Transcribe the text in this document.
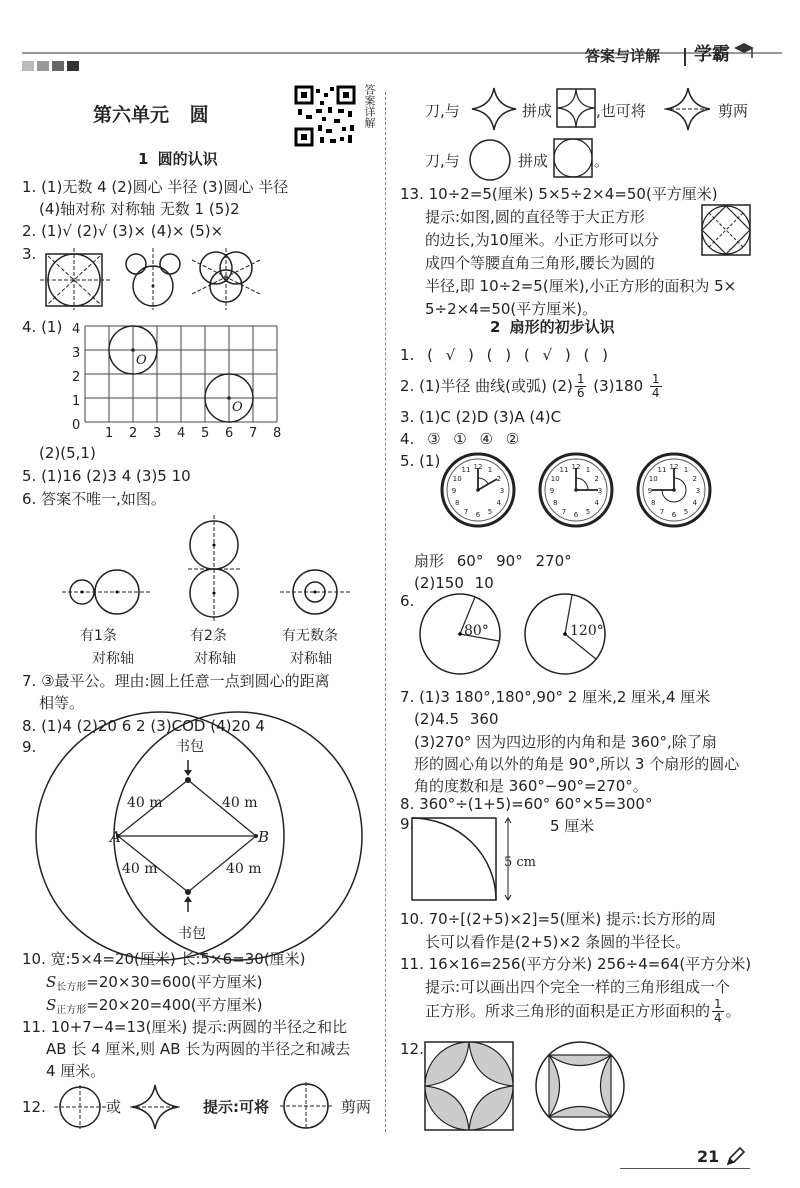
答案与详解 学霸
第六单元 圆	答案详解
1 圆的认识
1. (1)无数 4 (2)圆心 半径 (3)圆心 半径
(4)轴对称 对称轴 无数 1 (5)2
2. (1)√ (2)√ (3)× (4)× (5)×
3.
4. (1)
O
O
4
3
2
1
0
1 2 3 4 5 6 7 8
(2)(5,1)
5. (1)16 (2)3 4 (3)5 10
6. 答案不唯一,如图。
有1条
对称轴
有2条
对称轴
有无数条
对称轴
7. ③最平公。理由:圆上任意一点到圆心的距离
相等。
8. (1)4 (2)20 6 2 (3)COD (4)20 4
9.	书包
书包
A	B
40 m	40 m
40 m	40 m
10. 宽:5×4=20(厘米) 长:5×6=30(厘米)
$S_{长方形}=20\times 30=600$(平方厘米)
$S_{正方形}=20\times 20=400$(平方厘米)
11. 10+7−4=13(厘米) 提示:两圆的半径之和比
AB 长 4 厘米,则 AB 长为两圆的半径之和减去
4 厘米。
12.	或	提示:可将	剪两
刀,与	拼成	,也可将	剪两
刀,与	拼成	。
13. 10÷2=5(厘米) 5×5÷2×4=50(平方厘米)
提示:如图,圆的直径等于大正方形
的边长,为10厘米。小正方形可以分
成四个等腰直角三角形,腰长为圆的
半径,即 10÷2=5(厘米),小正方形的面积为 5×
5÷2×4=50(平方厘米)。
2 扇形的初步认识
1. ( √ ) ( ) ( √ ) ( )
2. (1)半径 曲线(或弧) $(2) \frac{1}{6} (3)180 \frac{1}{4}$
3. (1)C (2)D (3)A (4)C
4. ③ ① ④ ②
5. (1)
1
2
3
4
5
6
7
8
9
10
11 12	1
2
3
4
5
6
7
8
9
10
11 12	1
2
3
4
5
6
7
8
9
10
11 12
扇形 60° 90° 270°
(2)150 10
6.
80°	120°
7. (1)3 180°,180°,90° 2 厘米,2 厘米,4 厘米
(2)4.5 360
(3)270° 因为四边形的内角和是 360°,除了扇
形的圆心角以外的角是 90°,所以 3 个扇形的圆心
角的度数和是 360°−90°=270°。
8. 360°÷(1+5)=60° 60°×5=300°
9.	5 厘米
5 cm
10. 70÷[(2+5)×2]=5(厘米) 提示:长方形的周
长可以看作是(2+5)×2 条圆的半径长。
11. 16×16=256(平方分米) 256÷4=64(平方分米)
提示:可以画出四个完全一样的三角形组成一个
正方形。所求三角形的面积是正方形面积的 $\frac{1}{4}$ 。
12.
21
